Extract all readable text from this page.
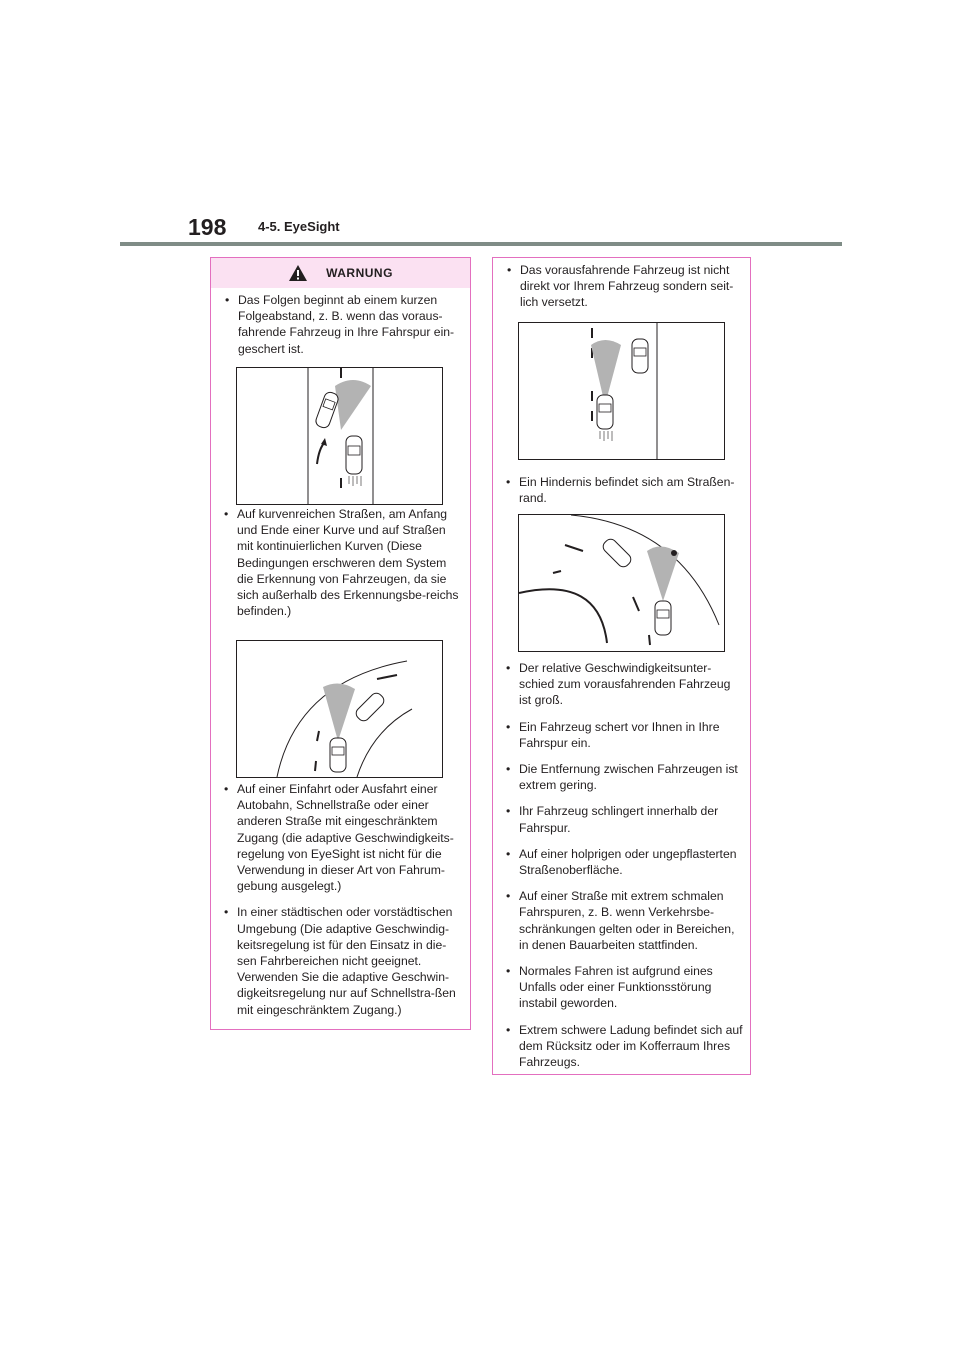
198 4-5. EyeSight
WARNUNG
• Das Folgen beginnt ab einem kurzen Folgeabstand, z. B. wenn das voraus-fahrende Fahrzeug in Ihre Fahrspur ein-geschert ist.
• Auf kurvenreichen Straßen, am Anfang und Ende einer Kurve und auf Straßen mit kontinuierlichen Kurven (Diese Bedingungen erschweren dem System die Erkennung von Fahrzeugen, da sie sich außerhalb des Erkennungsbe-reichs befinden.)
• Auf einer Einfahrt oder Ausfahrt einer Autobahn, Schnellstraße oder einer anderen Straße mit eingeschränktem Zugang (die adaptive Geschwindigkeits-regelung von EyeSight ist nicht für die Verwendung in dieser Art von Fahrum-gebung ausgelegt.)
• In einer städtischen oder vorstädtischen Umgebung (Die adaptive Geschwindig-keitsregelung ist für den Einsatz in die-sen Fahrbereichen nicht geeignet. Verwenden Sie die adaptive Geschwin-digkeitsregelung nur auf Schnellstra-ßen mit eingeschränktem Zugang.)
• Das vorausfahrende Fahrzeug ist nicht direkt vor Ihrem Fahrzeug sondern seit-lich versetzt.
• Ein Hindernis befindet sich am Straßen-rand.
• Der relative Geschwindigkeitsunter-schied zum vorausfahrenden Fahrzeug ist groß.
• Ein Fahrzeug schert vor Ihnen in Ihre Fahrspur ein.
• Die Entfernung zwischen Fahrzeugen ist extrem gering.
• Ihr Fahrzeug schlingert innerhalb der Fahrspur.
• Auf einer holprigen oder ungepflasterten Straßenoberfläche.
• Auf einer Straße mit extrem schmalen Fahrspuren, z. B. wenn Verkehrsbe-schränkungen gelten oder in Bereichen, in denen Bauarbeiten stattfinden.
• Normales Fahren ist aufgrund eines Unfalls oder einer Funktionsstörung instabil geworden.
• Extrem schwere Ladung befindet sich auf dem Rücksitz oder im Kofferraum Ihres Fahrzeugs.
